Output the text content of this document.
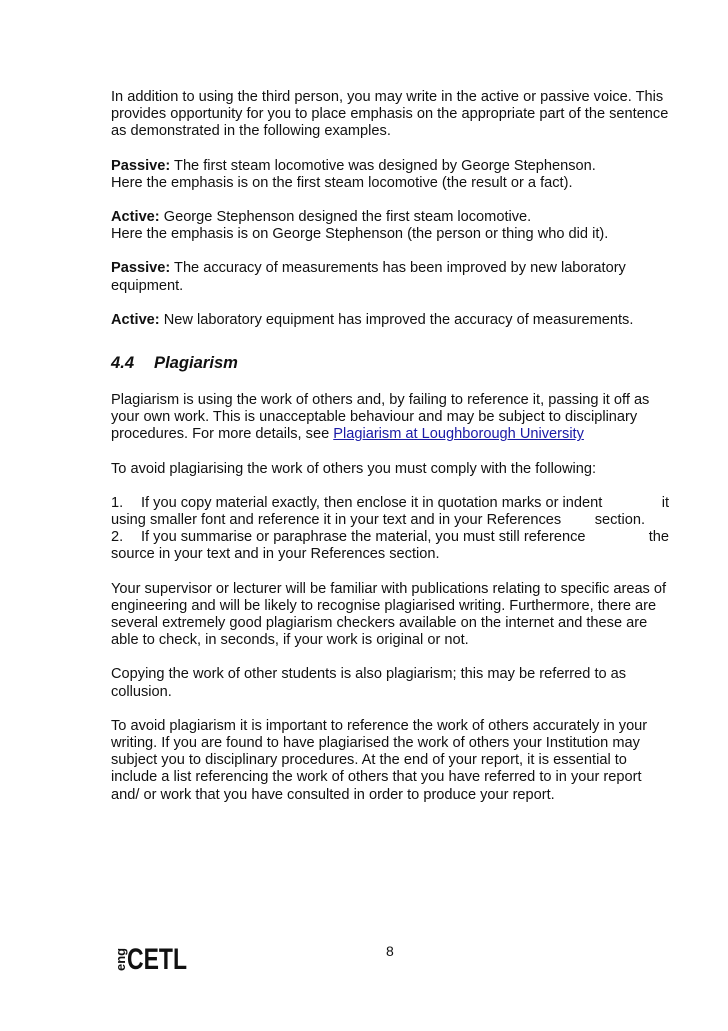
In addition to using the third person, you may write in the active or passive voice. This provides opportunity for you to place emphasis on the appropriate part of the sentence as demonstrated in the following examples.

Passive: The first steam locomotive was designed by George Stephenson.
Here the emphasis is on the first steam locomotive (the result or a fact).

Active: George Stephenson designed the first steam locomotive.
Here the emphasis is on George Stephenson (the person or thing who did it).

Passive: The accuracy of measurements has been improved by new laboratory equipment.

Active: New laboratory equipment has improved the accuracy of measurements.

4.4	Plagiarism

Plagiarism is using the work of others and, by failing to reference it, passing it off as your own work. This is unacceptable behaviour and may be subject to disciplinary procedures. For more details, see Plagiarism at Loughborough University

To avoid plagiarising the work of others you must comply with the following:

1. If you copy material exactly, then enclose it in quotation marks or indent	it
using smaller font and reference it in your text and in your References section.
2. If you summarise or paraphrase the material, you must still reference	the
source in your text and in your References section.

Your supervisor or lecturer will be familiar with publications relating to specific areas of engineering and will be likely to recognise plagiarised writing. Furthermore, there are several extremely good plagiarism checkers available on the internet and these are able to check, in seconds, if your work is original or not.

Copying the work of other students is also plagiarism; this may be referred to as collusion.

To avoid plagiarism it is important to reference the work of others accurately in your writing. If you are found to have plagiarised the work of others your Institution may subject you to disciplinary procedures. At the end of your report, it is essential to include a list referencing the work of others that you have referred to in your report and/ or work that you have consulted in order to produce your report.

eng CETL	8
